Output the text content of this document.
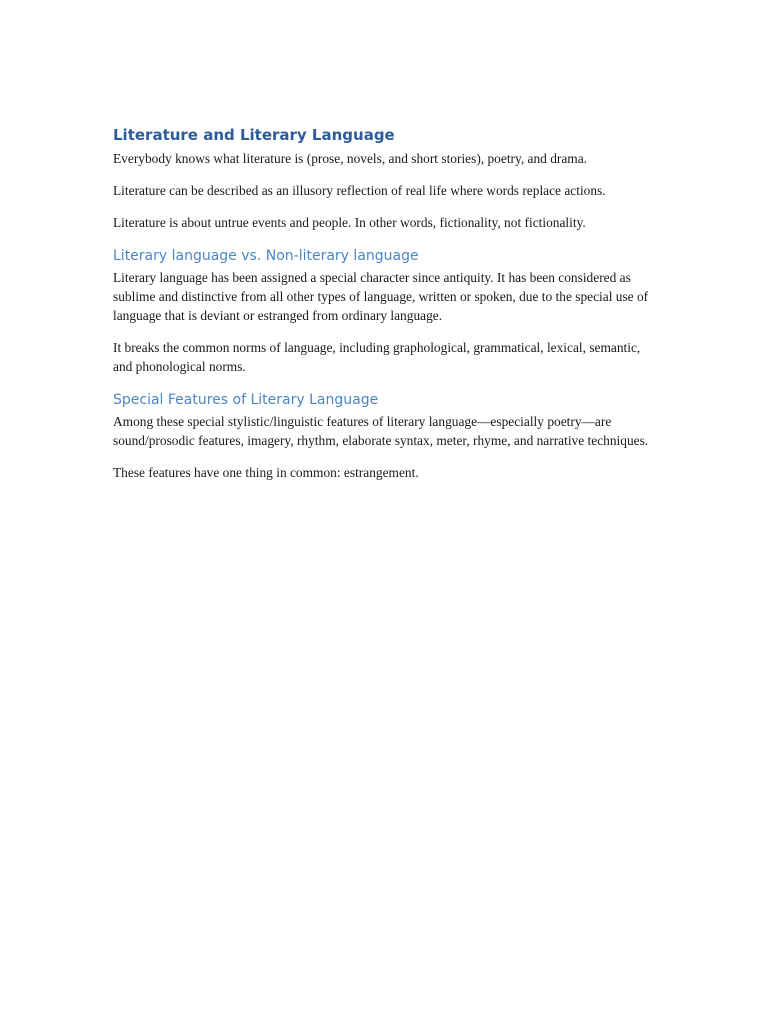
Literature and Literary Language

Everybody knows what literature is (prose, novels, and short stories), poetry, and drama.

Literature can be described as an illusory reflection of real life where words replace actions.

Literature is about untrue events and people. In other words, fictionality, not fictionality.

Literary language vs. Non-literary language

Literary language has been assigned a special character since antiquity. It has been considered as sublime and distinctive from all other types of language, written or spoken, due to the special use of language that is deviant or estranged from ordinary language.

It breaks the common norms of language, including graphological, grammatical, lexical, semantic, and phonological norms.

Special Features of Literary Language

Among these special stylistic/linguistic features of literary language—especially poetry—are sound/prosodic features, imagery, rhythm, elaborate syntax, meter, rhyme, and narrative techniques.

These features have one thing in common: estrangement.
